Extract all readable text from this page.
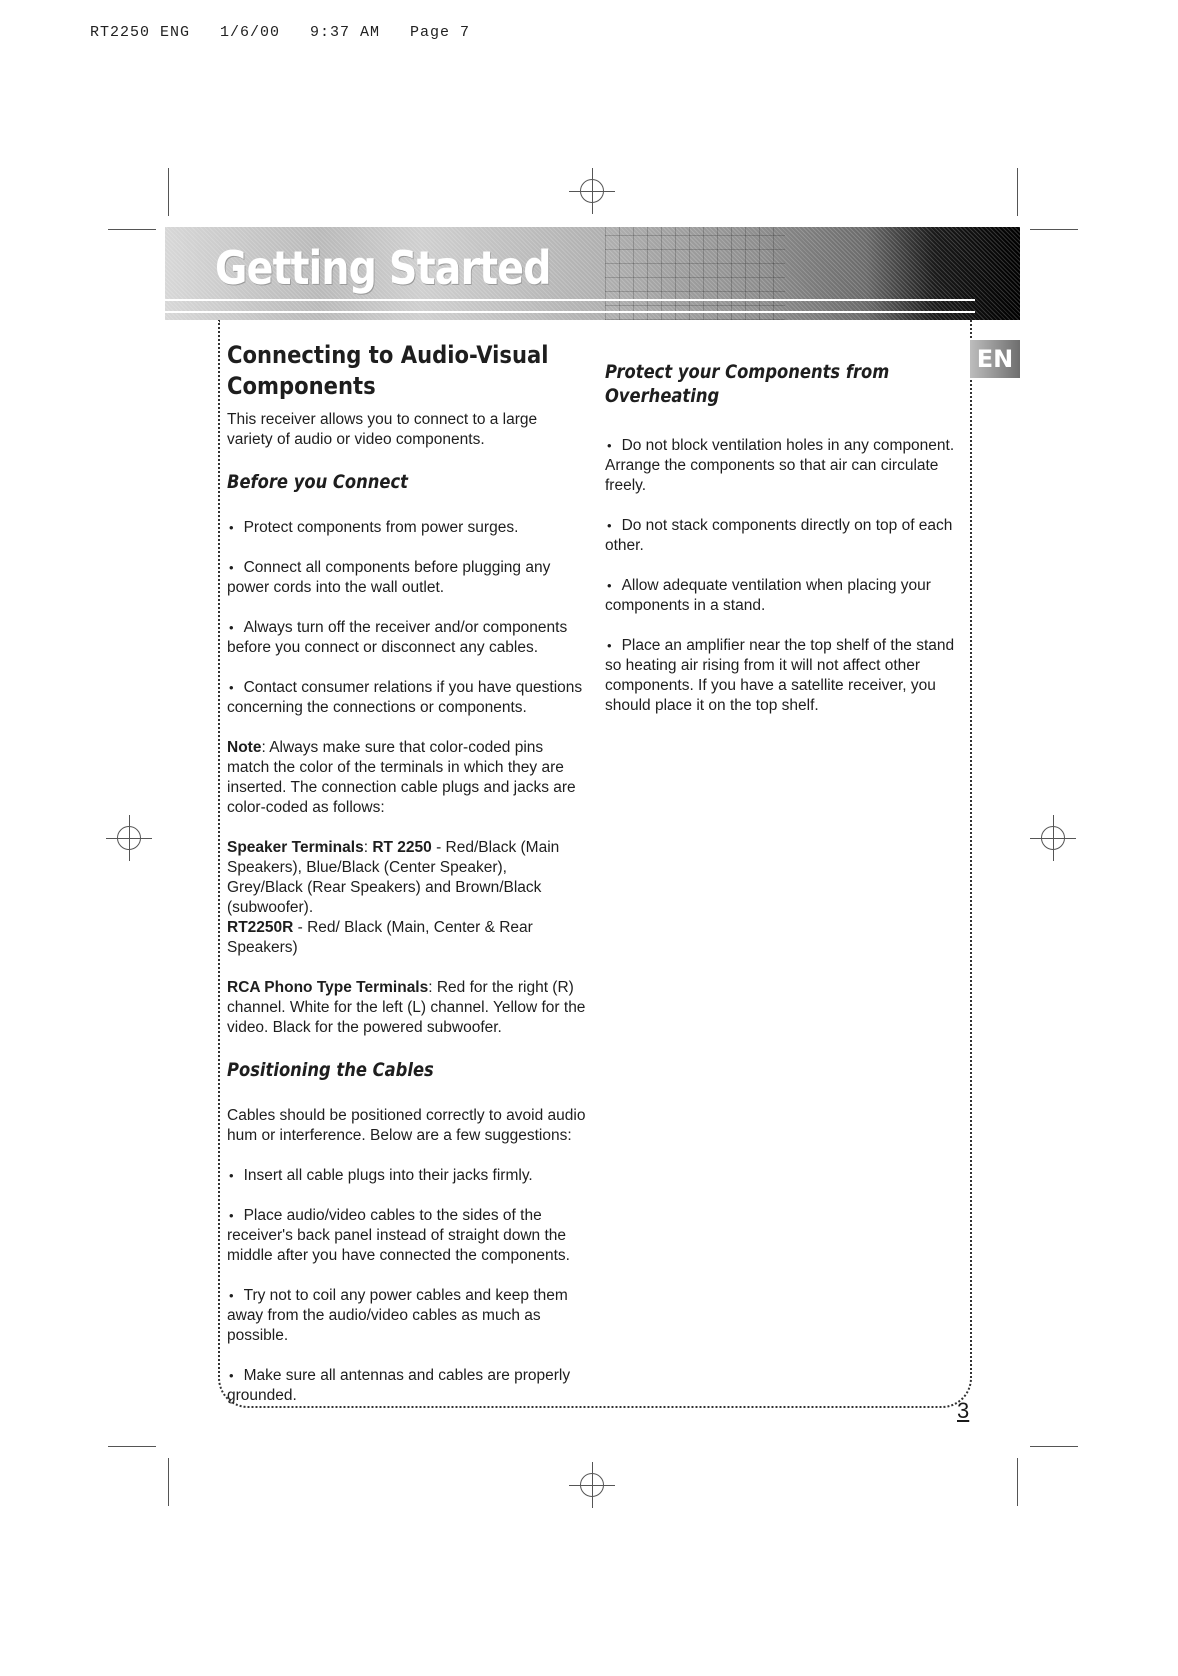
RT2250 ENG   1/6/00   9:37 AM   Page 7
Getting Started
EN
Connecting to Audio-Visual Components

This receiver allows you to connect to a large variety of audio or video components.

Before you Connect

• Protect components from power surges.

• Connect all components before plugging any power cords into the wall outlet.

• Always turn off the receiver and/or components before you connect or disconnect any cables.

• Contact consumer relations if you have questions concerning the connections or components.

Note: Always make sure that color-coded pins match the color of the terminals in which they are inserted. The connection cable plugs and jacks are color-coded as follows:

Speaker Terminals: RT 2250 - Red/Black (Main Speakers), Blue/Black (Center Speaker), Grey/Black (Rear Speakers) and Brown/Black (subwoofer).
RT2250R - Red/ Black (Main, Center & Rear Speakers)

RCA Phono Type Terminals: Red for the right (R) channel. White for the left (L) channel. Yellow for the video. Black for the powered subwoofer.

Positioning the Cables

Cables should be positioned correctly to avoid audio hum or interference. Below are a few suggestions:

• Insert all cable plugs into their jacks firmly.

• Place audio/video cables to the sides of the receiver's back panel instead of straight down the middle after you have connected the components.

• Try not to coil any power cables and keep them away from the audio/video cables as much as possible.

• Make sure all antennas and cables are properly grounded.

Protect your Components from Overheating

• Do not block ventilation holes in any component. Arrange the components so that air can circulate freely.

• Do not stack components directly on top of each other.

• Allow adequate ventilation when placing your components in a stand.

• Place an amplifier near the top shelf of the stand so heating air rising from it will not affect other components. If you have a satellite receiver, you should place it on the top shelf.

3
